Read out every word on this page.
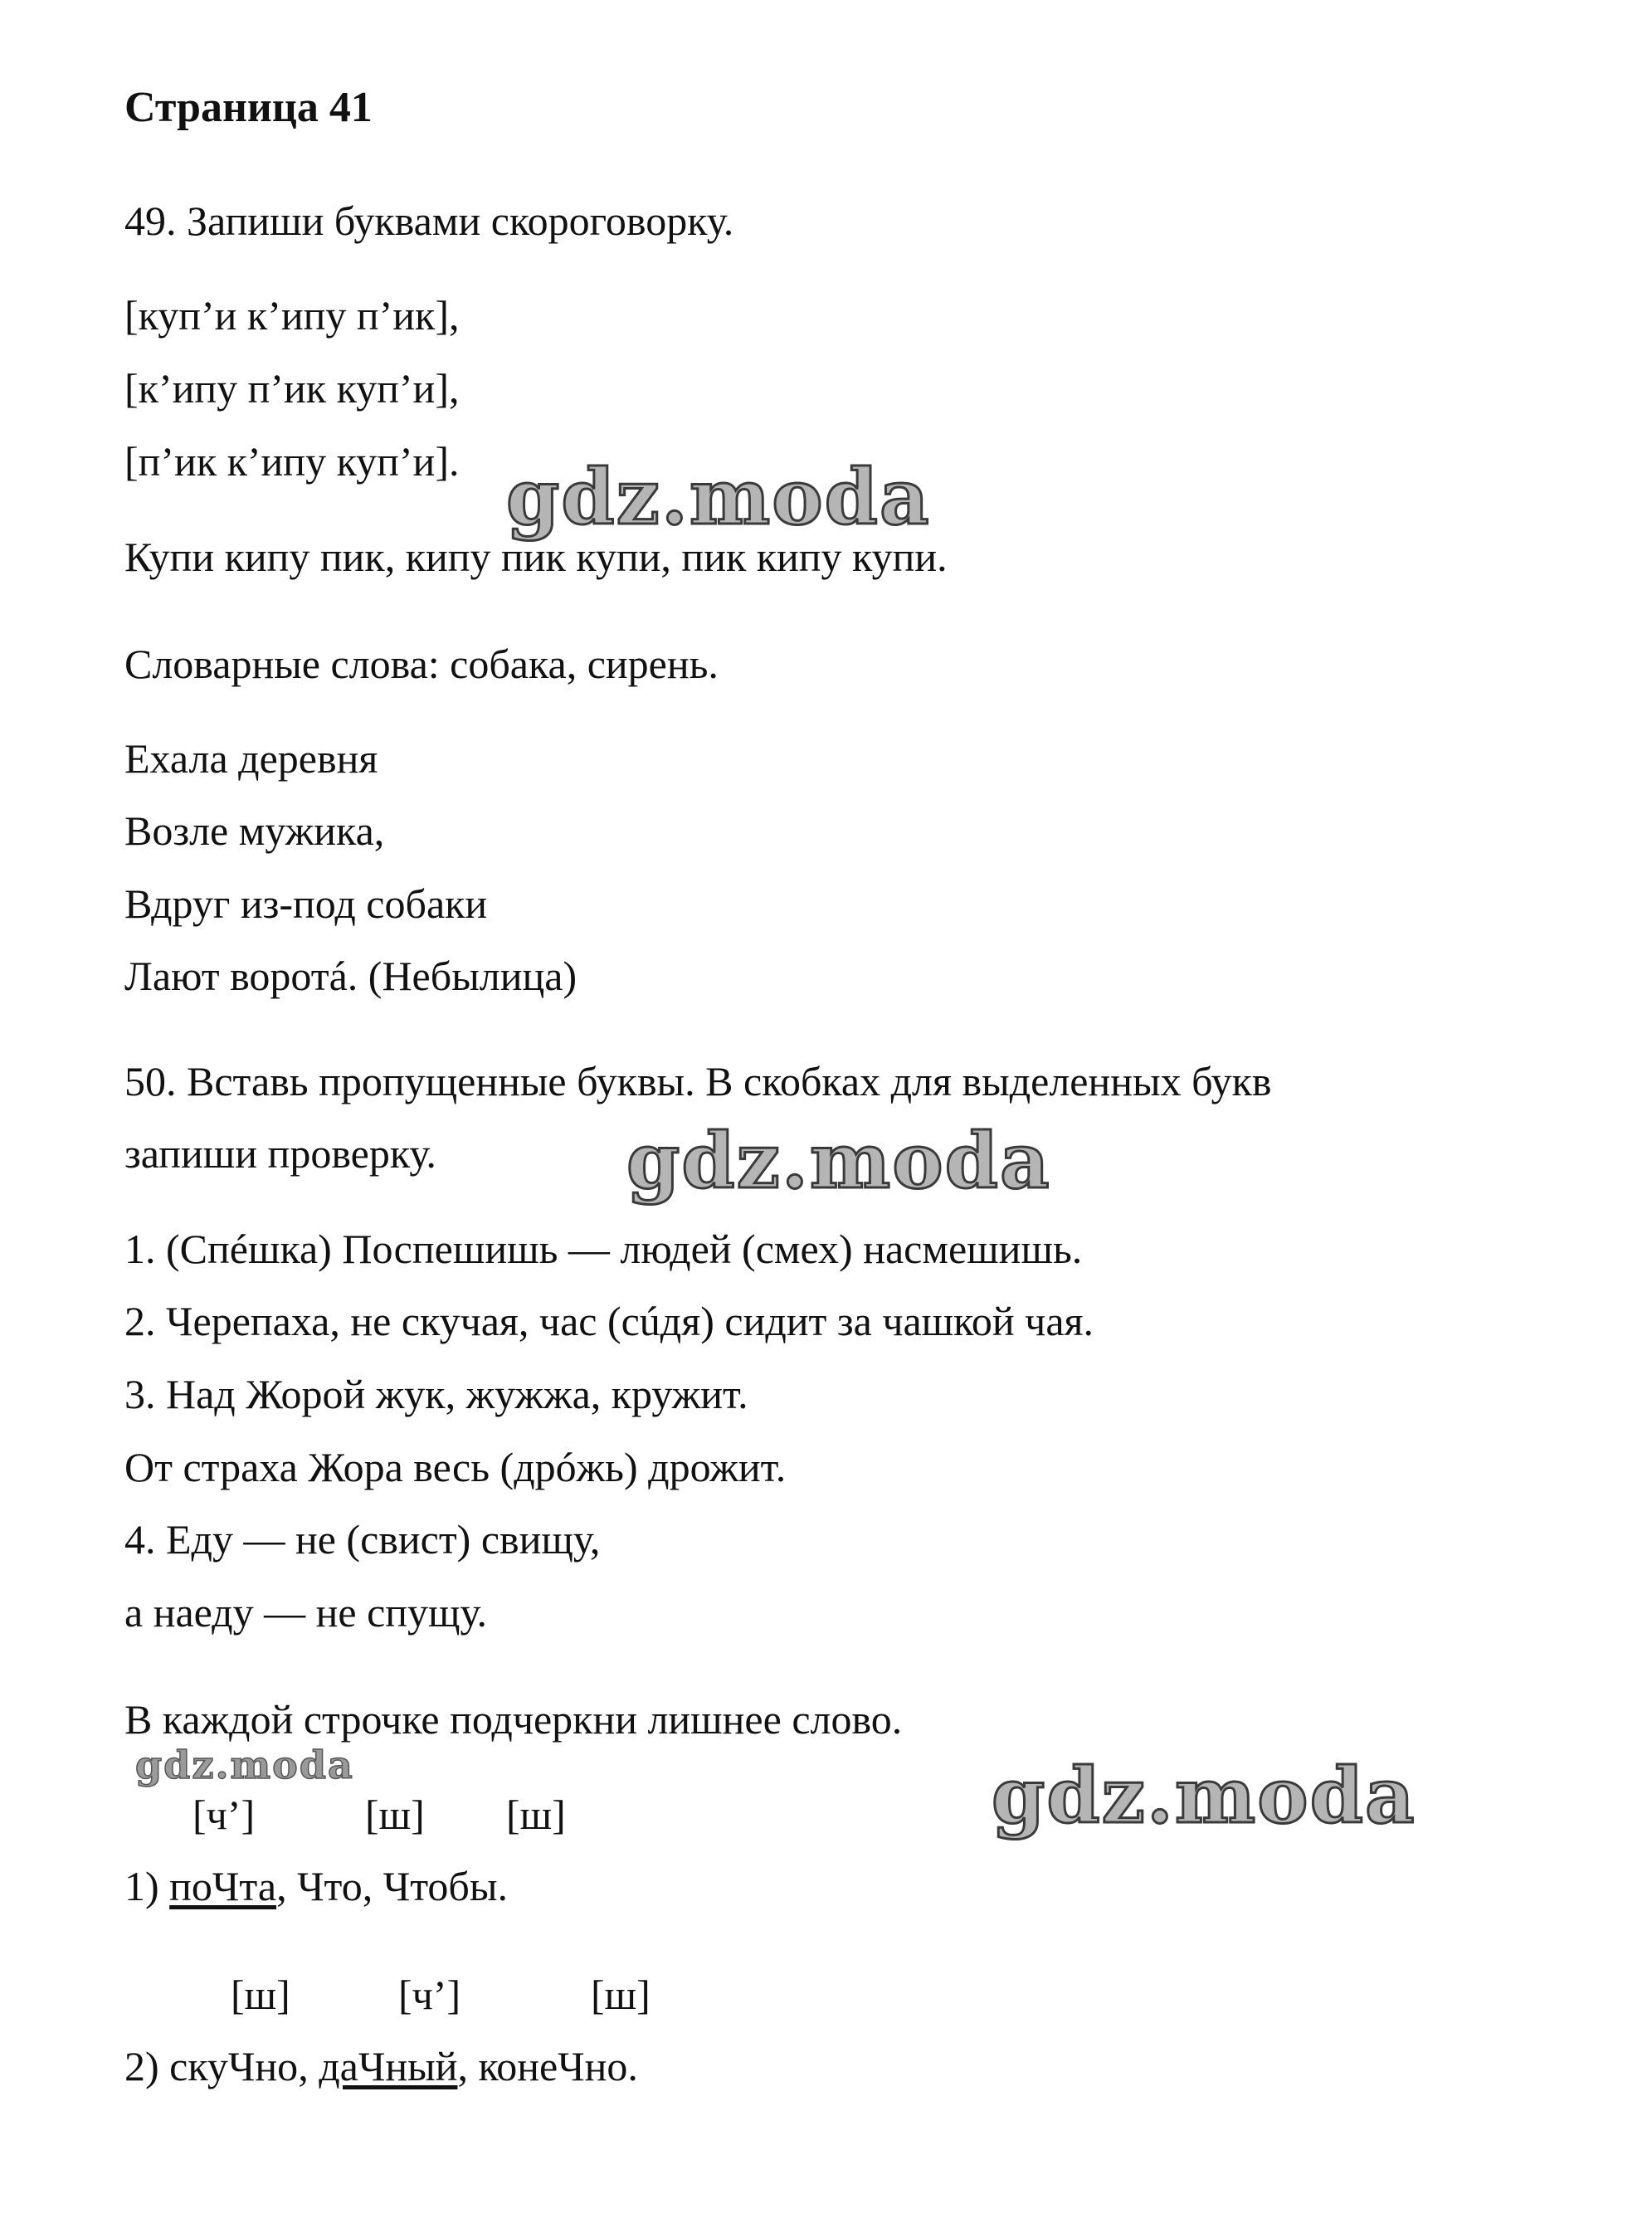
Страница 41

49. Запиши буквами скороговорку.

[куп’и к’ипу п’ик],

[к’ипу п’ик куп’и],

[п’ик к’ипу куп’и].

Купи кипу пик, кипу пик купи, пик кипу купи.

Словарные слова: собака, сирень.

Ехала деревня

Возле мужика,

Вдруг из-под собаки

Лают воротá. (Небылица)

50. Вставь пропущенные буквы. В скобках для выделенных букв

запиши проверку.

1. (Спéшка) Поспешишь — людей (смех) насмешишь.

2. Черепаха, не скучая, час (сúдя) сидит за чашкой чая.

3. Над Жорой жук, жужжа, кружит.

От страха Жора весь (дрóжь) дрожит.

4. Еду — не (свист) свищу,

а наеду — не спущу.

В каждой строчке подчеркни лишнее слово.

[ч’]	[ш] [ш]

1) поЧта, Что, Чтобы.

[ш]	[ч’]	[ш]

2) скуЧно, даЧный, конеЧно.

gdz.moda
gdz.moda
gdz.moda	gdz.moda
